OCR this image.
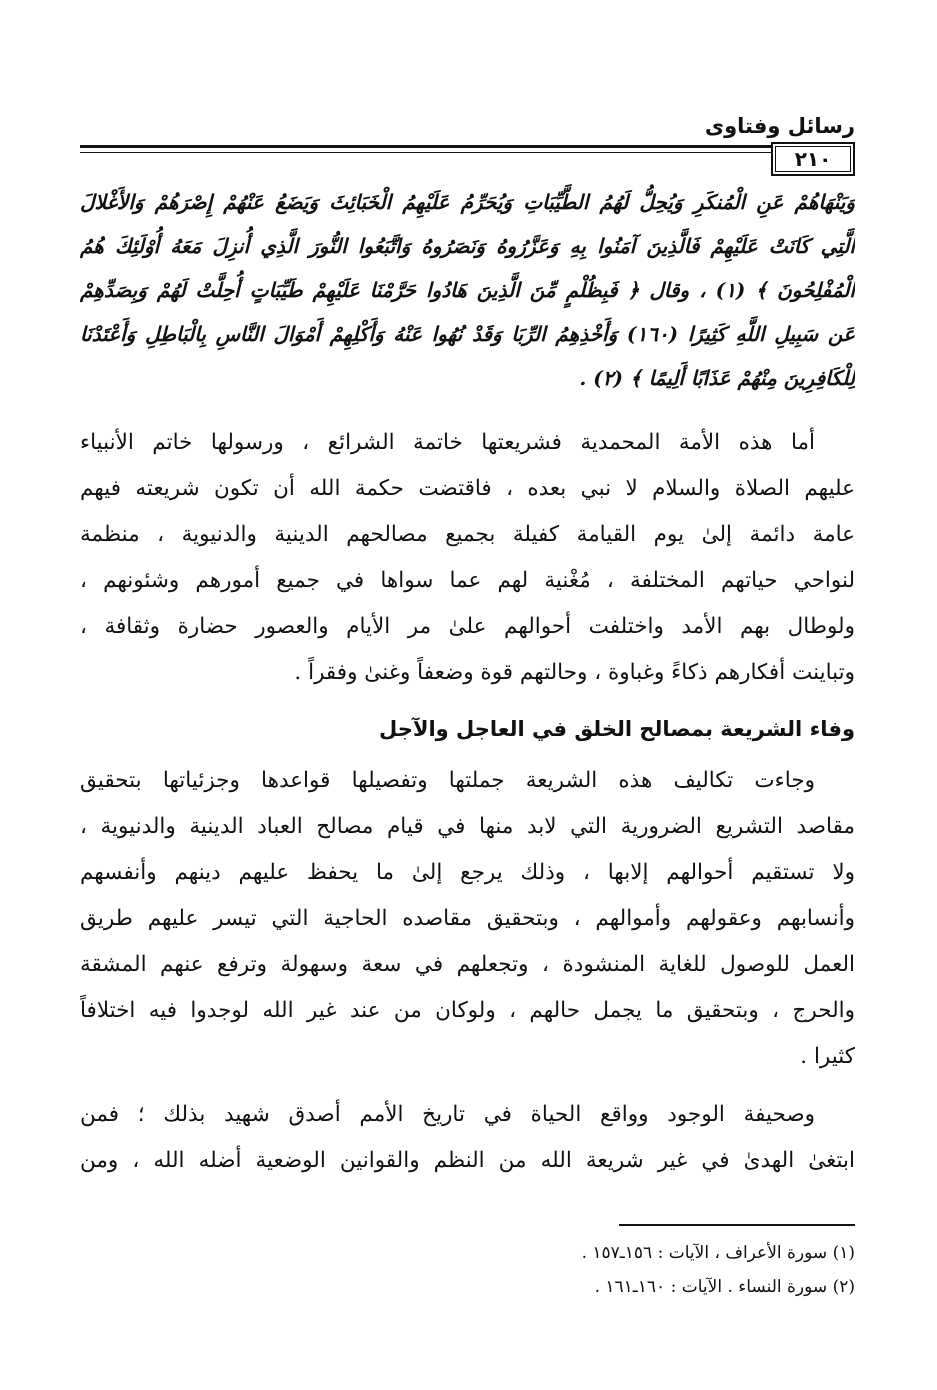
رسائل وفتاوى
٢١٠
وَيَنْهَاهُمْ عَنِ الْمُنكَرِ وَيُحِلُّ لَهُمُ الطَّيِّبَاتِ وَيُحَرِّمُ عَلَيْهِمُ الْخَبَائِثَ وَيَضَعُ عَنْهُمْ إِصْرَهُمْ وَالأَغْلالَ
الَّتِي كَانَتْ عَلَيْهِمْ فَالَّذِينَ آمَنُوا بِهِ وَعَزَّرُوهُ وَنَصَرُوهُ وَاتَّبَعُوا النُّورَ الَّذِي أُنزِلَ مَعَهُ أُوْلَئِكَ هُمُ
الْمُفْلِحُونَ ﴾ (١) ، وقال ﴿ فَبِظُلْمٍ مِّنَ الَّذِينَ هَادُوا حَرَّمْنَا عَلَيْهِمْ طَيِّبَاتٍ أُحِلَّتْ لَهُمْ وَبِصَدِّهِمْ
عَن سَبِيلِ اللَّهِ كَثِيرًا (١٦٠) وَأَخْذِهِمُ الرِّبَا وَقَدْ نُهُوا عَنْهُ وَأَكْلِهِمْ أَمْوَالَ النَّاسِ بِالْبَاطِلِ وَأَعْتَدْنَا
لِلْكَافِرِينَ مِنْهُمْ عَذَابًا أَلِيمًا ﴾ (٢) .
أما هذه الأمة المحمدية فشريعتها خاتمة الشرائع ، ورسولها خاتم الأنبياء
عليهم الصلاة والسلام لا نبي بعده ، فاقتضت حكمة الله أن تكون شريعته فيهم
عامة دائمة إلىٰ يوم القيامة كفيلة بجميع مصالحهم الدينية والدنيوية ، منظمة
لنواحي حياتهم المختلفة ، مُغْنية لهم عما سواها في جميع أمورهم وشئونهم ،
ولوطال بهم الأمد واختلفت أحوالهم علىٰ مر الأيام والعصور حضارة وثقافة ،
وتباينت أفكارهم ذكاءً وغباوة ، وحالتهم قوة وضعفاً وغنىٰ وفقراً .
وفاء الشريعة بمصالح الخلق في العاجل والآجل
وجاءت تكاليف هذه الشريعة جملتها وتفصيلها قواعدها وجزئياتها بتحقيق
مقاصد التشريع الضرورية التي لابد منها في قيام مصالح العباد الدينية والدنيوية ،
ولا تستقيم أحوالهم إلابها ، وذلك يرجع إلىٰ ما يحفظ عليهم دينهم وأنفسهم
وأنسابهم وعقولهم وأموالهم ، وبتحقيق مقاصده الحاجية التي تيسر عليهم طريق
العمل للوصول للغاية المنشودة ، وتجعلهم في سعة وسهولة وترفع عنهم المشقة
والحرج ، وبتحقيق ما يجمل حالهم ، ولوكان من عند غير الله لوجدوا فيه اختلافاً
كثيرا .
وصحيفة الوجود وواقع الحياة في تاريخ الأمم أصدق شهيد بذلك ؛ فمن
ابتغىٰ الهدىٰ في غير شريعة الله من النظم والقوانين الوضعية أضله الله ، ومن
(١) سورة الأعراف ، الآيات : ١٥٦ـ١٥٧ .
(٢) سورة النساء . الآيات : ١٦٠ـ١٦١ .
